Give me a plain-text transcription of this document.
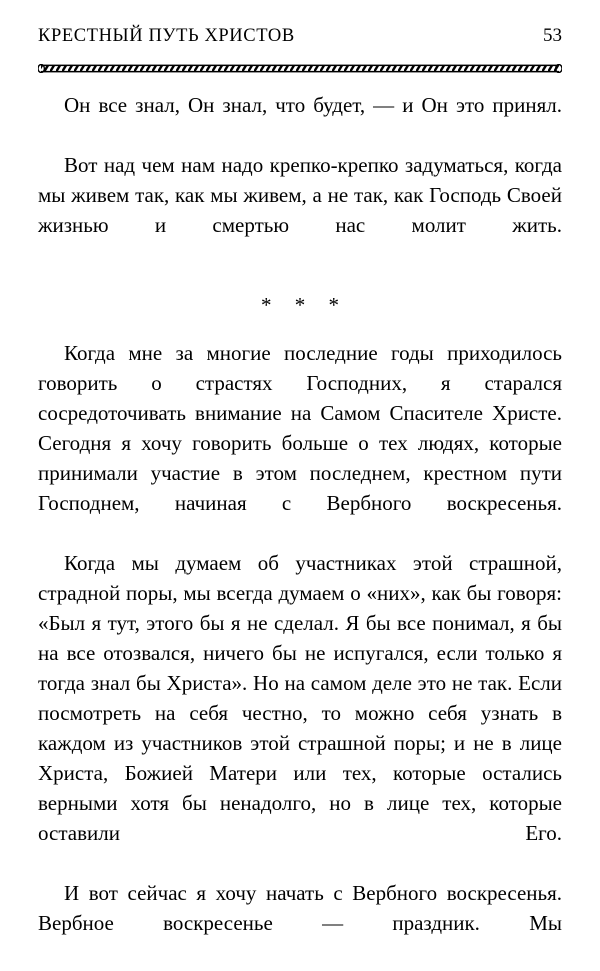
КРЕСТНЫЙ ПУТЬ ХРИСТОВ	53

Он все знал, Он знал, что будет, — и Он это принял.

Вот над чем нам надо крепко-крепко задуматься, когда мы живем так, как мы живем, а не так, как Господь Своей жизнью и смертью нас молит жить.

* * *

Когда мне за многие последние годы приходилось говорить о страстях Господних, я старался сосредоточивать внимание на Самом Спасителе Христе. Сегодня я хочу говорить больше о тех людях, которые принимали участие в этом последнем, крестном пути Господнем, начиная с Вербного воскресенья.

Когда мы думаем об участниках этой страшной, страдной поры, мы всегда думаем о «них», как бы говоря: «Был я тут, этого бы я не сделал. Я бы все понимал, я бы на все отозвался, ничего бы не испугался, если только я тогда знал бы Христа». Но на самом деле это не так. Если посмотреть на себя честно, то можно себя узнать в каждом из участников этой страшной поры; и не в лице Христа, Божией Матери или тех, которые остались верными хотя бы ненадолго, но в лице тех, которые оставили Его.

И вот сейчас я хочу начать с Вербного воскресенья. Вербное воскресенье — праздник. Мы
